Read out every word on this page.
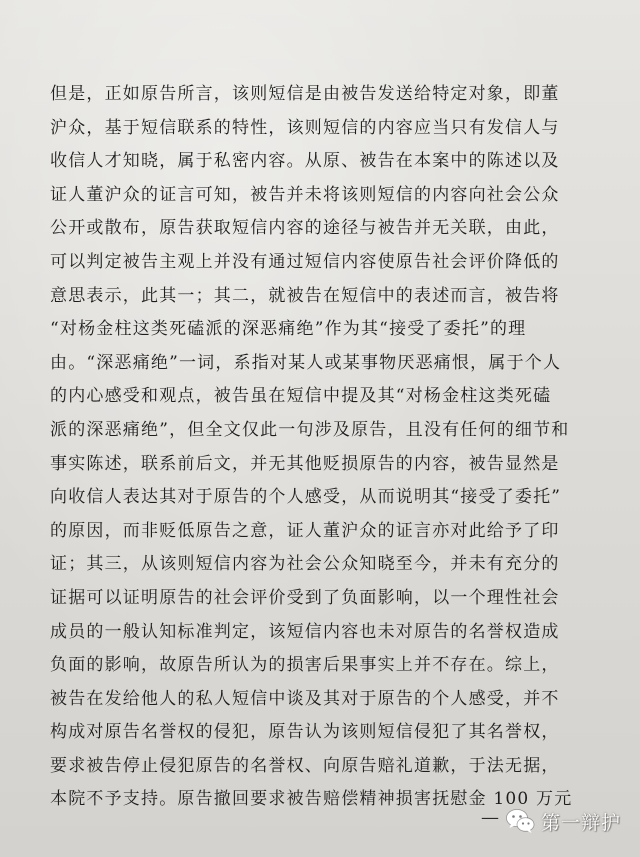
但是，正如原告所言，该则短信是由被告发送给特定对象，即董
沪众，基于短信联系的特性，该则短信的内容应当只有发信人与
收信人才知晓，属于私密内容。从原、被告在本案中的陈述以及
证人董沪众的证言可知，被告并未将该则短信的内容向社会公众
公开或散布，原告获取短信内容的途径与被告并无关联，由此，
可以判定被告主观上并没有通过短信内容使原告社会评价降低的
意思表示，此其一；其二，就被告在短信中的表述而言，被告将
“对杨金柱这类死磕派的深恶痛绝”作为其“接受了委托”的理
由。“深恶痛绝”一词，系指对某人或某事物厌恶痛恨，属于个人
的内心感受和观点，被告虽在短信中提及其“对杨金柱这类死磕
派的深恶痛绝”，但全文仅此一句涉及原告，且没有任何的细节和
事实陈述，联系前后文，并无其他贬损原告的内容，被告显然是
向收信人表达其对于原告的个人感受，从而说明其“接受了委托”
的原因，而非贬低原告之意，证人董沪众的证言亦对此给予了印
证；其三，从该则短信内容为社会公众知晓至今，并未有充分的
证据可以证明原告的社会评价受到了负面影响，以一个理性社会
成员的一般认知标准判定，该短信内容也未对原告的名誉权造成
负面的影响，故原告所认为的损害后果事实上并不存在。综上，
被告在发给他人的私人短信中谈及其对于原告的个人感受，并不
构成对原告名誉权的侵犯，原告认为该则短信侵犯了其名誉权，
要求被告停止侵犯原告的名誉权、向原告赔礼道歉，于法无据，
本院不予支持。原告撤回要求被告赔偿精神损害抚慰金 100 万元
— 第一辩护
